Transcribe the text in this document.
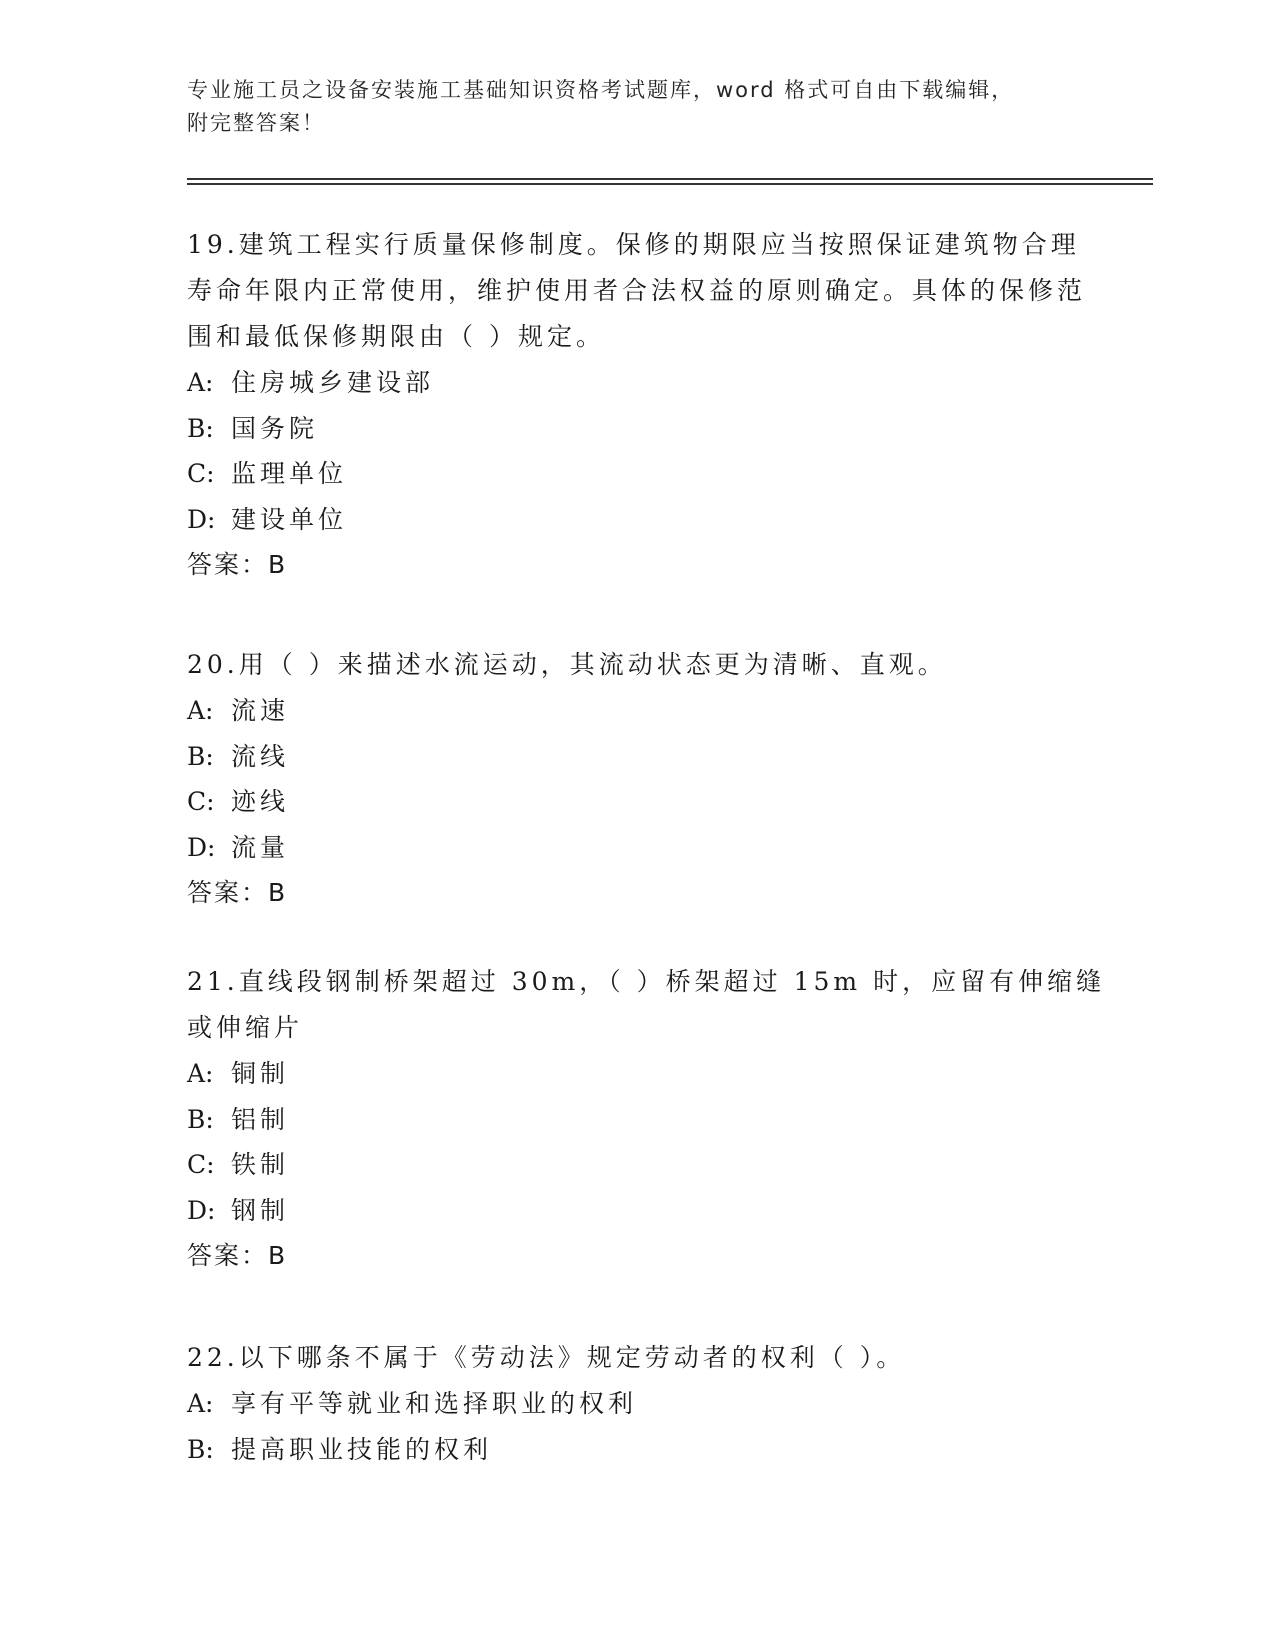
专业施工员之设备安装施工基础知识资格考试题库，word 格式可自由下载编辑，
附完整答案！

19.建筑工程实行质量保修制度。保修的期限应当按照保证建筑物合理寿命年限内正常使用，维护使用者合法权益的原则确定。具体的保修范围和最低保修期限由（ ）规定。

A: 住房城乡建设部
B: 国务院
C: 监理单位
D: 建设单位
答案：B

20.用（ ）来描述水流运动，其流动状态更为清晰、直观。

A: 流速
B: 流线
C: 迹线
D: 流量
答案：B

21.直线段钢制桥架超过 30m，（ ）桥架超过 15m 时，应留有伸缩缝或伸缩片

A: 铜制
B: 铝制
C: 铁制
D: 钢制
答案：B

22.以下哪条不属于《劳动法》规定劳动者的权利（ ）。

A: 享有平等就业和选择职业的权利
B: 提高职业技能的权利
